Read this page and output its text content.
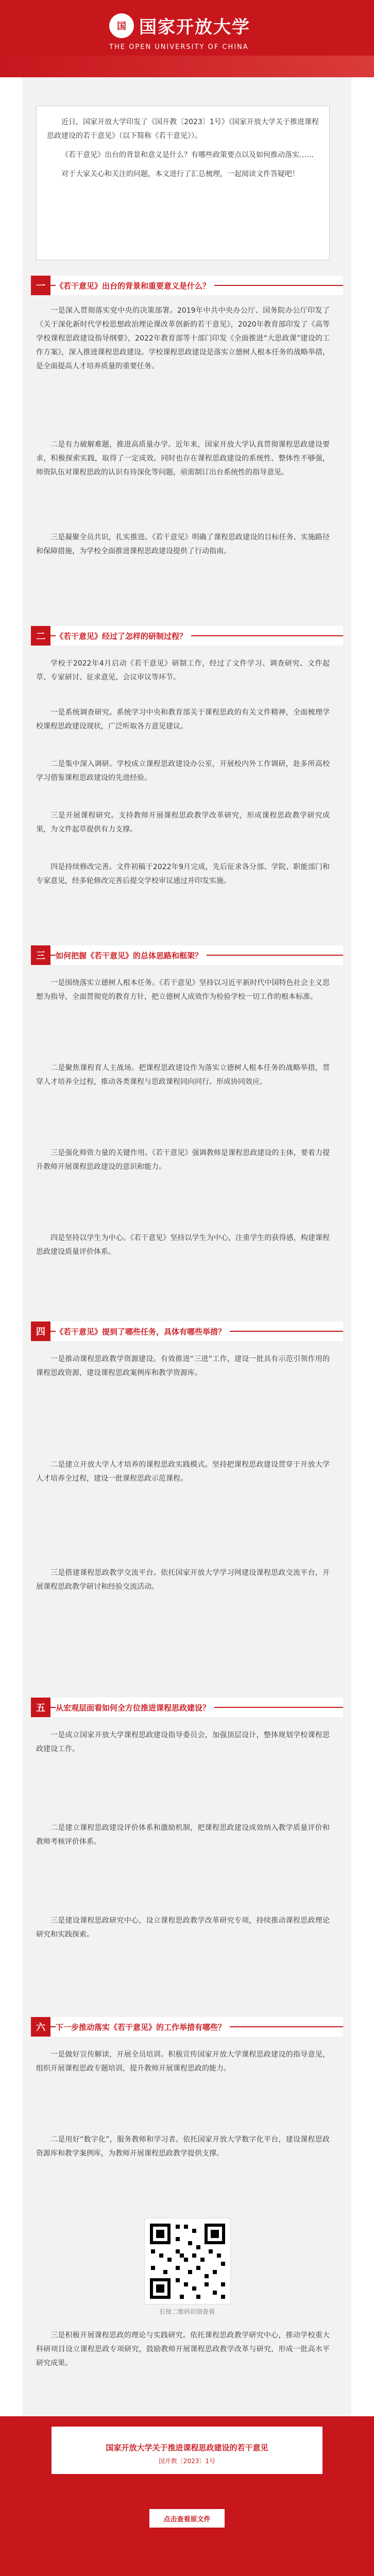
国 国家开放大学
THE OPEN UNIVERSITY OF CHINA

近日，国家开放大学印发了《国开教〔2023〕1号》《国家开放大学关于推进课程思政建设的若干意见》（以下简称《若干意见》）。

《若干意见》出台的背景和意义是什么？有哪些政策要点以及如何推动落实……

对于大家关心和关注的问题，本文进行了汇总梳理，一起阅读文件答疑吧！

一	《若干意见》出台的背景和重要意义是什么？

一是深入贯彻落实党中央的决策部署。2019年中共中央办公厅、国务院办公厅印发了《关于深化新时代学校思想政治理论课改革创新的若干意见》，2020年教育部印发了《高等学校课程思政建设指导纲要》，2022年教育部等十部门印发《全面推进“大思政课”建设的工作方案》，深入推进课程思政建设。学校课程思政建设是落实立德树人根本任务的战略举措，是全面提高人才培养质量的重要任务。

二是有力破解难题，推进高质量办学。近年来，国家开放大学认真贯彻课程思政建设要求，积极探索实践，取得了一定成效。同时也存在课程思政建设的系统性、整体性不够强，师资队伍对课程思政的认识有待深化等问题，亟需制订出台系统性的指导意见。

三是凝聚全员共识，扎实推进。《若干意见》明确了课程思政建设的目标任务、实施路径和保障措施，为学校全面推进课程思政建设提供了行动指南。

二	《若干意见》经过了怎样的研制过程？

学校于2022年4月启动《若干意见》研制工作，经过了文件学习、调查研究、文件起草、专家研讨、征求意见、会议审议等环节。

一是系统调查研究。系统学习中央和教育部关于课程思政的有关文件精神，全面梳理学校课程思政建设现状，广泛听取各方意见建议。

二是集中深入调研。学校成立课程思政建设办公室，开展校内外工作调研，赴多所高校学习借鉴课程思政建设的先进经验。

三是开展课程研究。支持教师开展课程思政教学改革研究，形成课程思政教学研究成果，为文件起草提供有力支撑。

四是持续修改完善。文件初稿于2022年9月完成，先后征求各分部、学院、职能部门和专家意见，经多轮修改完善后提交学校审议通过并印发实施。

三	如何把握《若干意见》的总体思路和框架？

一是围绕落实立德树人根本任务。《若干意见》坚持以习近平新时代中国特色社会主义思想为指导，全面贯彻党的教育方针，把立德树人成效作为检验学校一切工作的根本标准。

二是聚焦课程育人主战场。把课程思政建设作为落实立德树人根本任务的战略举措，贯穿人才培养全过程，推动各类课程与思政课程同向同行、形成协同效应。

三是强化师资力量的关键作用。《若干意见》强调教师是课程思政建设的主体，要着力提升教师开展课程思政建设的意识和能力。

四是坚持以学生为中心。《若干意见》坚持以学生为中心，注重学生的获得感，构建课程思政建设质量评价体系。

四	《若干意见》提到了哪些任务，具体有哪些举措？

一是推动课程思政教学资源建设。有效推进“三进”工作，建设一批具有示范引领作用的课程思政资源，建设课程思政案例库和教学资源库。

二是建立开放大学人才培养的课程思政实践模式。坚持把课程思政建设贯穿于开放大学人才培养全过程，建设一批课程思政示范课程。

三是搭建课程思政教学交流平台。依托国家开放大学学习网建设课程思政交流平台，开展课程思政教学研讨和经验交流活动。

五	从宏观层面看如何全方位推进课程思政建设？

一是成立国家开放大学课程思政建设指导委员会，加强顶层设计，整体规划学校课程思政建设工作。

二是建立课程思政建设评价体系和激励机制，把课程思政建设成效纳入教学质量评价和教师考核评价体系。

三是建设课程思政研究中心，设立课程思政教学改革研究专项，持续推动课程思政理论研究和实践探索。

六	下一步推动落实《若干意见》的工作举措有哪些？

一是做好宣传解读，开展全员培训。积极宣传国家开放大学课程思政建设的指导意见，组织开展课程思政专题培训，提升教师开展课程思政的能力。

二是用好“数字化”，服务教师和学习者。依托国家开放大学数字化平台，建设课程思政资源库和教学案例库，为教师开展课程思政教学提供支撑。

长按二维码识别查看

三是积极开展课程思政的理论与实践研究。依托课程思政教学研究中心，推动学校重大科研项目设立课程思政专项研究，鼓励教师开展课程思政教学改革与研究，形成一批高水平研究成果。

国家开放大学关于推进课程思政建设的若干意见
国开教〔2023〕1号
点击查看原文件
